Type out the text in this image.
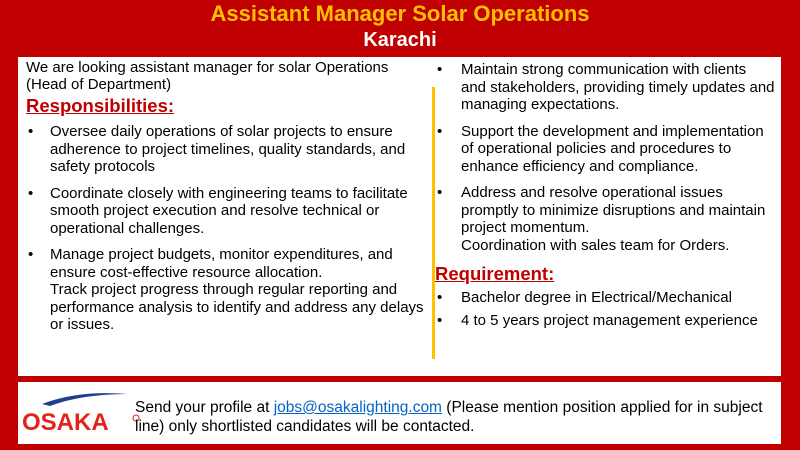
Assistant Manager Solar Operations
Karachi

We are looking assistant manager for solar Operations (Head of Department)

Responsibilities:
• Oversee daily operations of solar projects to ensure adherence to project timelines, quality standards, and safety protocols
• Coordinate closely with engineering teams to facilitate smooth project execution and resolve technical or operational challenges.
• Manage project budgets, monitor expenditures, and ensure cost-effective resource allocation.
Track project progress through regular reporting and performance analysis to identify and address any delays or issues.
• Maintain strong communication with clients and stakeholders, providing timely updates and managing expectations.
• Support the development and implementation of operational policies and procedures to enhance efficiency and compliance.
• Address and resolve operational issues promptly to minimize disruptions and maintain project momentum.
Coordination with sales team for Orders.
Requirement:
• Bachelor degree in Electrical/Mechanical
• 4 to 5 years project management experience
OSAKA
Send your profile at jobs@osakalighting.com (Please mention position applied for in subject line) only shortlisted candidates will be contacted.
